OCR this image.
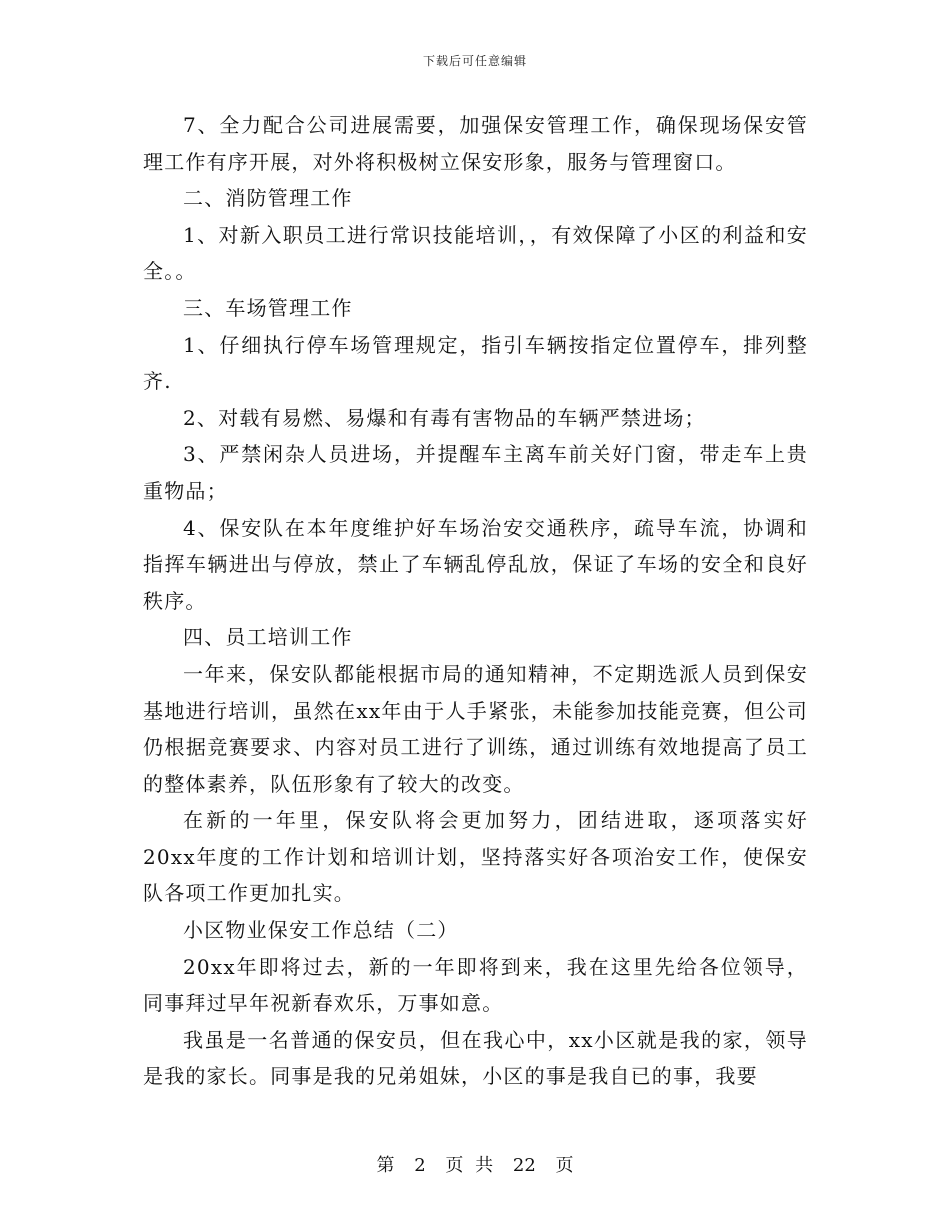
下载后可任意编辑

7、全力配合公司进展需要，加强保安管理工作，确保现场保安管理工作有序开展，对外将积极树立保安形象，服务与管理窗口。

二、消防管理工作

1、对新入职员工进行常识技能培训，，有效保障了小区的利益和安全。。

三、车场管理工作

1、仔细执行停车场管理规定，指引车辆按指定位置停车，排列整齐.

2、对载有易燃、易爆和有毒有害物品的车辆严禁进场；

3、严禁闲杂人员进场，并提醒车主离车前关好门窗，带走车上贵重物品；

4、保安队在本年度维护好车场治安交通秩序，疏导车流，协调和指挥车辆进出与停放，禁止了车辆乱停乱放，保证了车场的安全和良好秩序。

四、员工培训工作

一年来，保安队都能根据市局的通知精神，不定期选派人员到保安基地进行培训，虽然在xx年由于人手紧张，未能参加技能竞赛，但公司仍根据竞赛要求、内容对员工进行了训练，通过训练有效地提高了员工的整体素养，队伍形象有了较大的改变。

在新的一年里，保安队将会更加努力，团结进取，逐项落实好20xx年度的工作计划和培训计划，坚持落实好各项治安工作，使保安队各项工作更加扎实。

小区物业保安工作总结（二）

20xx年即将过去，新的一年即将到来，我在这里先给各位领导，同事拜过早年祝新春欢乐，万事如意。

我虽是一名普通的保安员，但在我心中，xx小区就是我的家，领导是我的家长。同事是我的兄弟姐妹，小区的事是我自已的事，我要

第 2 页 共 22 页
